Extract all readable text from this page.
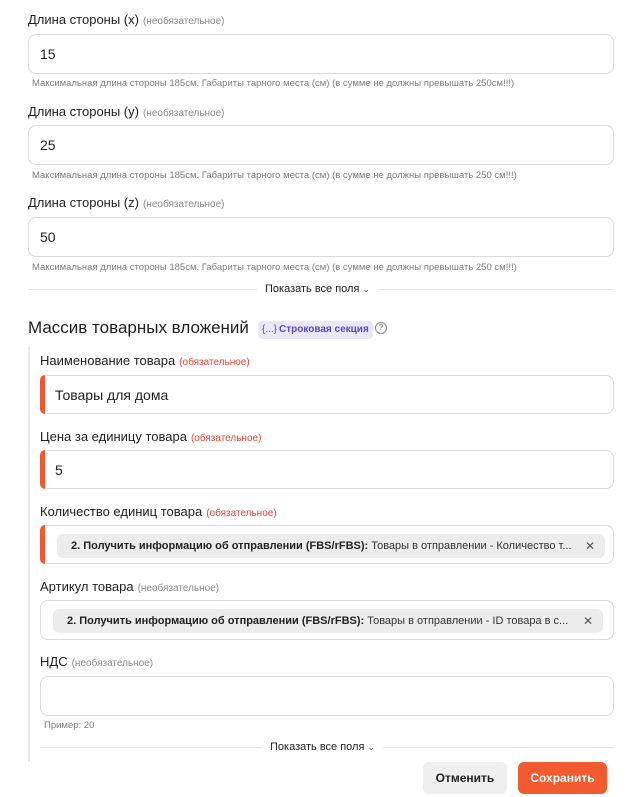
Длина стороны (x) (необязательное)
15
Максимальная длина стороны 185см. Габариты тарного места (см) (в сумме не должны превышать 250см!!!)
Длина стороны (y) (необязательное)
25
Максимальная длина стороны 185см. Габариты тарного места (см) (в сумме не должны превышать 250 см!!!)
Длина стороны (z) (необязательное)
50
Максимальная длина стороны 185см. Габариты тарного места (см) (в сумме не должны превышать 250 см!!!)
Показать все поля ⌄
Массив товарных вложений	{...} Строковая секция	?
Наименование товара (обязательное)
Товары для дома
Цена за единицу товара (обязательное)
5
Количество единиц товара (обязательное)
2. Получить информацию об отправлении (FBS/rFBS): Товары в отправлении - Количество т... ✕
Артикул товара (необязательное)
2. Получить информацию об отправлении (FBS/rFBS): Товары в отправлении - ID товара в с... ✕
НДС (необязательное)
Пример: 20
Показать все поля ⌄
Отменить	Сохранить
